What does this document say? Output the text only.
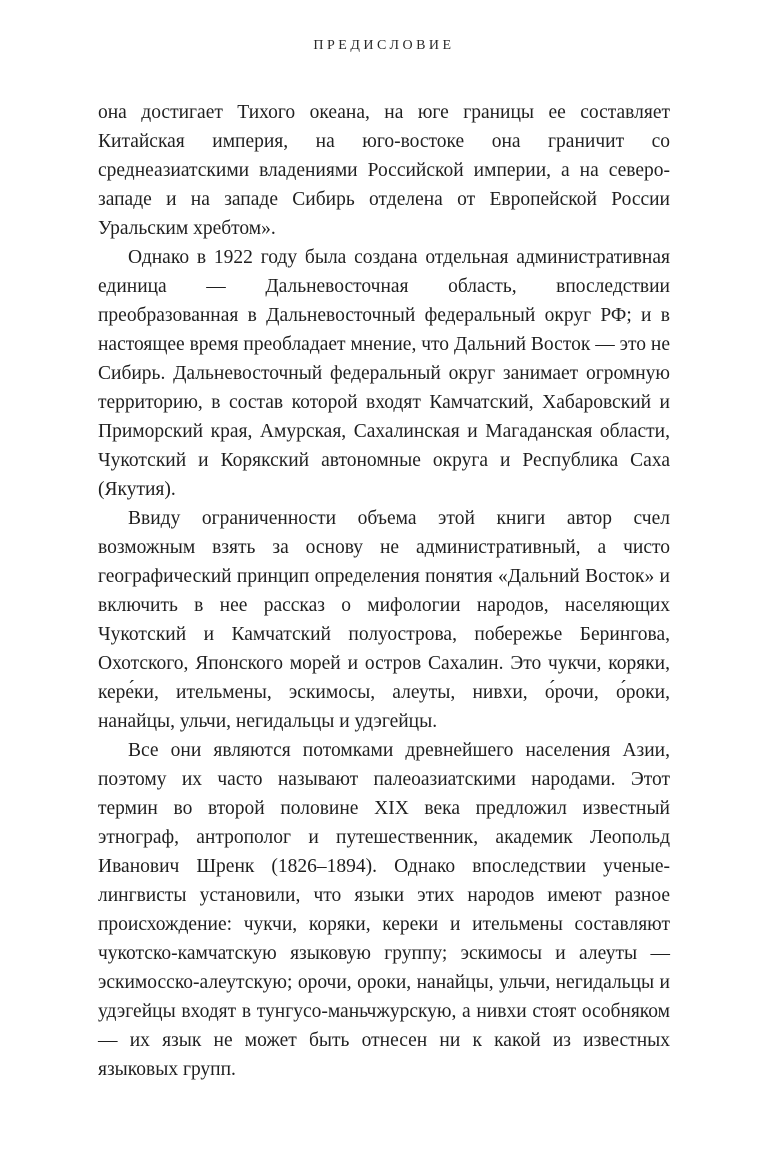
ПРЕДИСЛОВИЕ

она достигает Тихого океана, на юге границы ее составляет Китайская империя, на юго-востоке она граничит со среднеазиатскими владениями Российской империи, а на северо-западе и на западе Сибирь отделена от Европейской России Уральским хребтом».

Однако в 1922 году была создана отдельная административная единица — Дальневосточная область, впоследствии преобразованная в Дальневосточный федеральный округ РФ; и в настоящее время преобладает мнение, что Дальний Восток — это не Сибирь. Дальневосточный федеральный округ занимает огромную территорию, в состав которой входят Камчатский, Хабаровский и Приморский края, Амурская, Сахалинская и Магаданская области, Чукотский и Корякский автономные округа и Республика Саха (Якутия).

Ввиду ограниченности объема этой книги автор счел возможным взять за основу не административный, а чисто географический принцип определения понятия «Дальний Восток» и включить в нее рассказ о мифологии народов, населяющих Чукотский и Камчатский полуострова, побережье Берингова, Охотского, Японского морей и остров Сахалин. Это чукчи, коряки, кере́ки, ительмены, эскимосы, алеуты, нивхи, о́рочи, о́роки, нанайцы, ульчи, негидальцы и удэгейцы.

Все они являются потомками древнейшего населения Азии, поэтому их часто называют палеоазиатскими народами. Этот термин во второй половине XIX века предложил известный этнограф, антрополог и путешественник, академик Леопольд Иванович Шренк (1826–1894). Однако впоследствии ученые-лингвисты установили, что языки этих народов имеют разное происхождение: чукчи, коряки, кереки и ительмены составляют чукотско-камчатскую языковую группу; эскимосы и алеуты — эскимосско-алеутскую; орочи, ороки, нанайцы, ульчи, негидальцы и удэгейцы входят в тунгусо-маньчжурскую, а нивхи стоят особняком — их язык не может быть отнесен ни к какой из известных языковых групп.
